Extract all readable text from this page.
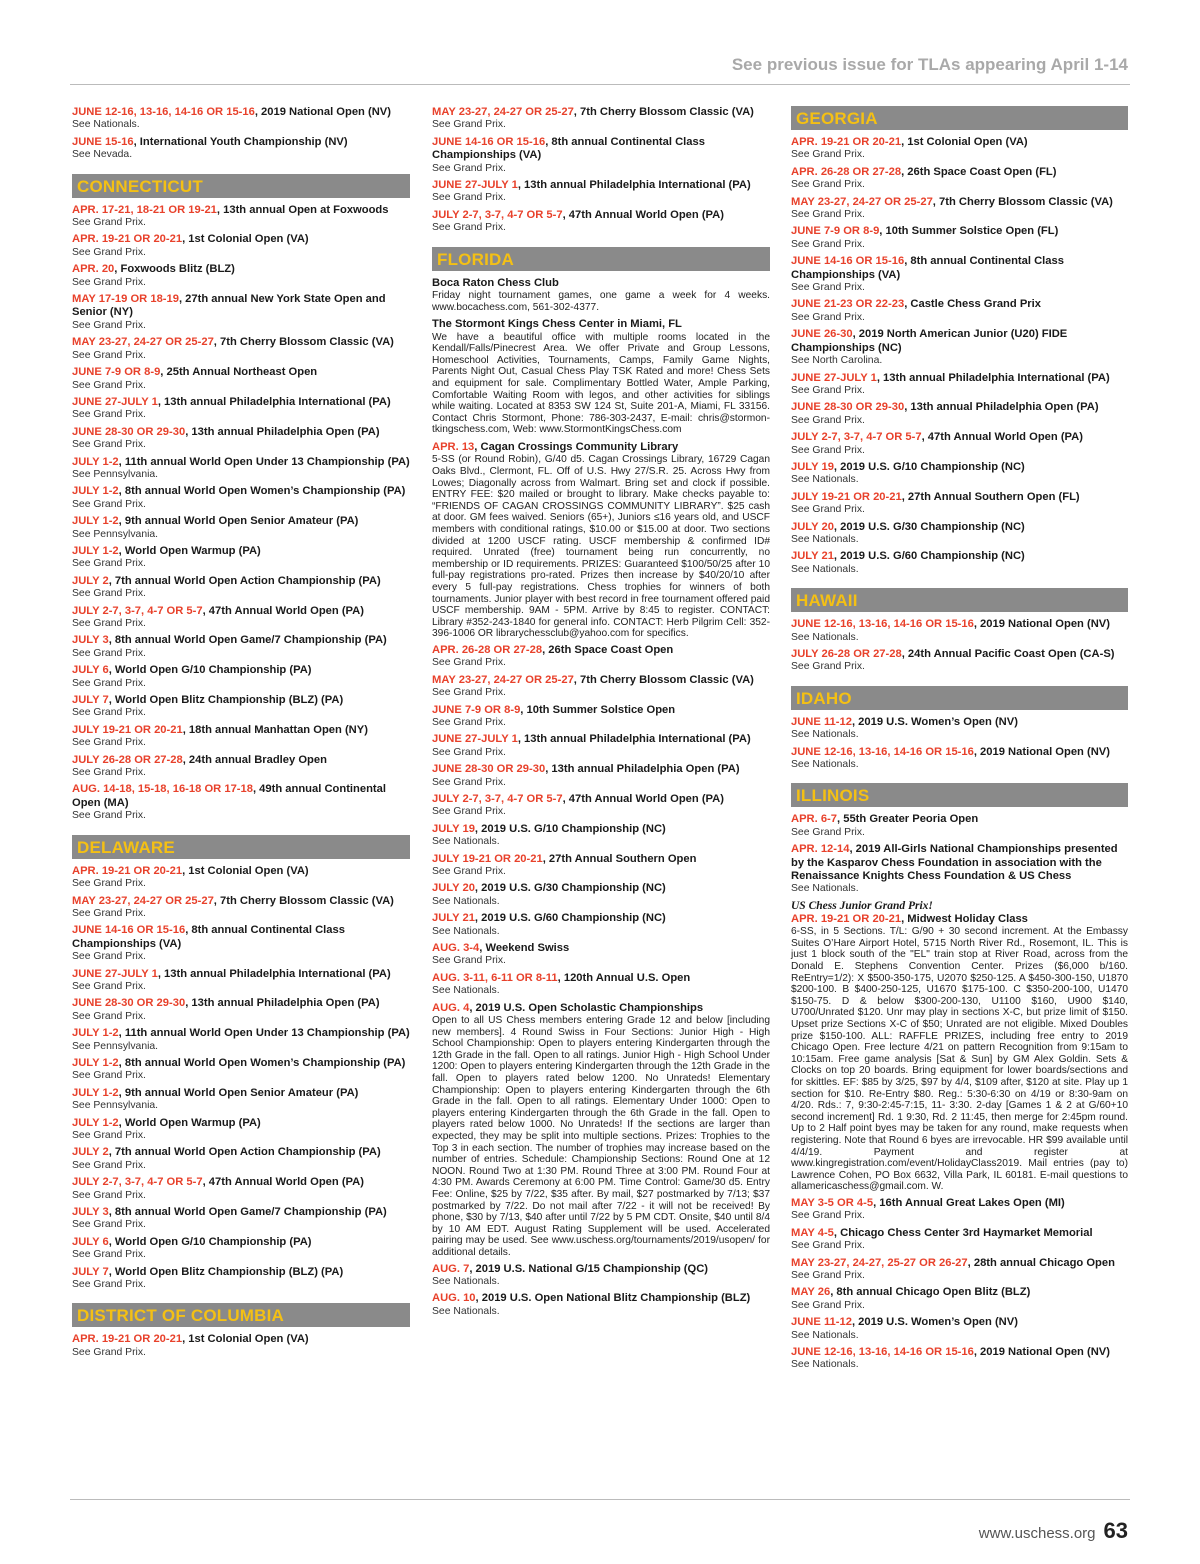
See previous issue for TLAs appearing April 1-14
JUNE 12-16, 13-16, 14-16 OR 15-16, 2019 National Open (NV)
See Nationals.
JUNE 15-16, International Youth Championship (NV)
See Nevada.
CONNECTICUT
APR. 17-21, 18-21 OR 19-21, 13th annual Open at Foxwoods
See Grand Prix.
APR. 19-21 OR 20-21, 1st Colonial Open (VA)
See Grand Prix.
APR. 20, Foxwoods Blitz (BLZ)
See Grand Prix.
MAY 17-19 OR 18-19, 27th annual New York State Open and Senior (NY)
See Grand Prix.
MAY 23-27, 24-27 OR 25-27, 7th Cherry Blossom Classic (VA)
See Grand Prix.
JUNE 7-9 OR 8-9, 25th Annual Northeast Open
See Grand Prix.
JUNE 27-JULY 1, 13th annual Philadelphia International (PA)
See Grand Prix.
JUNE 28-30 OR 29-30, 13th annual Philadelphia Open (PA)
See Grand Prix.
JULY 1-2, 11th annual World Open Under 13 Championship (PA)
See Pennsylvania.
JULY 1-2, 8th annual World Open Women’s Championship (PA)
See Grand Prix.
JULY 1-2, 9th annual World Open Senior Amateur (PA)
See Pennsylvania.
JULY 1-2, World Open Warmup (PA)
See Grand Prix.
JULY 2, 7th annual World Open Action Championship (PA)
See Grand Prix.
JULY 2-7, 3-7, 4-7 OR 5-7, 47th Annual World Open (PA)
See Grand Prix.
JULY 3, 8th annual World Open Game/7 Championship (PA)
See Grand Prix.
JULY 6, World Open G/10 Championship (PA)
See Grand Prix.
JULY 7, World Open Blitz Championship (BLZ) (PA)
See Grand Prix.
JULY 19-21 OR 20-21, 18th annual Manhattan Open (NY)
See Grand Prix.
JULY 26-28 OR 27-28, 24th annual Bradley Open
See Grand Prix.
AUG. 14-18, 15-18, 16-18 OR 17-18, 49th annual Continental Open (MA)
See Grand Prix.
DELAWARE
APR. 19-21 OR 20-21, 1st Colonial Open (VA)
See Grand Prix.
MAY 23-27, 24-27 OR 25-27, 7th Cherry Blossom Classic (VA)
See Grand Prix.
JUNE 14-16 OR 15-16, 8th annual Continental Class Championships (VA)
See Grand Prix.
JUNE 27-JULY 1, 13th annual Philadelphia International (PA)
See Grand Prix.
JUNE 28-30 OR 29-30, 13th annual Philadelphia Open (PA)
See Grand Prix.
JULY 1-2, 11th annual World Open Under 13 Championship (PA)
See Pennsylvania.
JULY 1-2, 8th annual World Open Women’s Championship (PA)
See Grand Prix.
JULY 1-2, 9th annual World Open Senior Amateur (PA)
See Pennsylvania.
JULY 1-2, World Open Warmup (PA)
See Grand Prix.
JULY 2, 7th annual World Open Action Championship (PA)
See Grand Prix.
JULY 2-7, 3-7, 4-7 OR 5-7, 47th Annual World Open (PA)
See Grand Prix.
JULY 3, 8th annual World Open Game/7 Championship (PA)
See Grand Prix.
JULY 6, World Open G/10 Championship (PA)
See Grand Prix.
JULY 7, World Open Blitz Championship (BLZ) (PA)
See Grand Prix.
DISTRICT OF COLUMBIA
APR. 19-21 OR 20-21, 1st Colonial Open (VA)
See Grand Prix.
MAY 23-27, 24-27 OR 25-27, 7th Cherry Blossom Classic (VA)
See Grand Prix.
JUNE 14-16 OR 15-16, 8th annual Continental Class Championships (VA)
See Grand Prix.
JUNE 27-JULY 1, 13th annual Philadelphia International (PA)
See Grand Prix.
JULY 2-7, 3-7, 4-7 OR 5-7, 47th Annual World Open (PA)
See Grand Prix.
FLORIDA
Boca Raton Chess Club
Friday night tournament games, one game a week for 4 weeks. www.bocachess.com, 561-302-4377.
The Stormont Kings Chess Center in Miami, FL
We have a beautiful office with multiple rooms located in the Kendall/Falls/Pinecrest Area. We offer Private and Group Lessons, Homeschool Activities, Tournaments, Camps, Family Game Nights, Parents Night Out, Casual Chess Play TSK Rated and more! Chess Sets and equipment for sale. Complimentary Bottled Water, Ample Parking, Comfortable Waiting Room with legos, and other activities for siblings while waiting. Located at 8353 SW 124 St, Suite 201-A, Miami, FL 33156. Contact Chris Stormont, Phone: 786-303-2437, E-mail: chris@stormon-tkingschess.com, Web: www.StormontKingsChess.com
APR. 13, Cagan Crossings Community Library
5-SS (or Round Robin), G/40 d5. Cagan Crossings Library, 16729 Cagan Oaks Blvd., Clermont, FL. Off of U.S. Hwy 27/S.R. 25. Across Hwy from Lowes; Diagonally across from Walmart. Bring set and clock if possible. ENTRY FEE: $20 mailed or brought to library. Make checks payable to: “FRIENDS OF CAGAN CROSSINGS COMMUNITY LIBRARY”. $25 cash at door. GM fees waived. Seniors (65+), Juniors ≤16 years old, and USCF members with conditional ratings, $10.00 or $15.00 at door. Two sections divided at 1200 USCF rating. USCF membership & confirmed ID# required. Unrated (free) tournament being run concurrently, no membership or ID requirements. PRIZES: Guaranteed $100/50/25 after 10 full-pay registrations pro-rated. Prizes then increase by $40/20/10 after every 5 full-pay registrations. Chess trophies for winners of both tournaments. Junior player with best record in free tournament offered paid USCF membership. 9AM - 5PM. Arrive by 8:45 to register. CONTACT: Library #352-243-1840 for general info. CONTACT: Herb Pilgrim Cell: 352-396-1006 OR librarychessclub@yahoo.com for specifics.
APR. 26-28 OR 27-28, 26th Space Coast Open
See Grand Prix.
MAY 23-27, 24-27 OR 25-27, 7th Cherry Blossom Classic (VA)
See Grand Prix.
JUNE 7-9 OR 8-9, 10th Summer Solstice Open
See Grand Prix.
JUNE 27-JULY 1, 13th annual Philadelphia International (PA)
See Grand Prix.
JUNE 28-30 OR 29-30, 13th annual Philadelphia Open (PA)
See Grand Prix.
JULY 2-7, 3-7, 4-7 OR 5-7, 47th Annual World Open (PA)
See Grand Prix.
JULY 19, 2019 U.S. G/10 Championship (NC)
See Nationals.
JULY 19-21 OR 20-21, 27th Annual Southern Open
See Grand Prix.
JULY 20, 2019 U.S. G/30 Championship (NC)
See Nationals.
JULY 21, 2019 U.S. G/60 Championship (NC)
See Nationals.
AUG. 3-4, Weekend Swiss
See Grand Prix.
AUG. 3-11, 6-11 OR 8-11, 120th Annual U.S. Open
See Nationals.
AUG. 4, 2019 U.S. Open Scholastic Championships
Open to all US Chess members entering Grade 12 and below [including new members]. 4 Round Swiss in Four Sections: Junior High - High School Championship: Open to players entering Kindergarten through the 12th Grade in the fall. Open to all ratings. Junior High - High School Under 1200: Open to players entering Kindergarten through the 12th Grade in the fall. Open to players rated below 1200. No Unrateds! Elementary Championship: Open to players entering Kindergarten through the 6th Grade in the fall. Open to all ratings. Elementary Under 1000: Open to players entering Kindergarten through the 6th Grade in the fall. Open to players rated below 1000. No Unrateds! If the sections are larger than expected, they may be split into multiple sections. Prizes: Trophies to the Top 3 in each section. The number of trophies may increase based on the number of entries. Schedule: Championship Sections: Round One at 12 NOON. Round Two at 1:30 PM. Round Three at 3:00 PM. Round Four at 4:30 PM. Awards Ceremony at 6:00 PM. Time Control: Game/30 d5. Entry Fee: Online, $25 by 7/22, $35 after. By mail, $27 postmarked by 7/13; $37 postmarked by 7/22. Do not mail after 7/22 - it will not be received! By phone, $30 by 7/13, $40 after until 7/22 by 5 PM CDT. Onsite, $40 until 8/4 by 10 AM EDT. August Rating Supplement will be used. Accelerated pairing may be used. See www.uschess.org/tournaments/2019/usopen/ for additional details.
AUG. 7, 2019 U.S. National G/15 Championship (QC)
See Nationals.
AUG. 10, 2019 U.S. Open National Blitz Championship (BLZ)
See Nationals.
GEORGIA
APR. 19-21 OR 20-21, 1st Colonial Open (VA)
See Grand Prix.
APR. 26-28 OR 27-28, 26th Space Coast Open (FL)
See Grand Prix.
MAY 23-27, 24-27 OR 25-27, 7th Cherry Blossom Classic (VA)
See Grand Prix.
JUNE 7-9 OR 8-9, 10th Summer Solstice Open (FL)
See Grand Prix.
JUNE 14-16 OR 15-16, 8th annual Continental Class Championships (VA)
See Grand Prix.
JUNE 21-23 OR 22-23, Castle Chess Grand Prix
See Grand Prix.
JUNE 26-30, 2019 North American Junior (U20) FIDE Championships (NC)
See North Carolina.
JUNE 27-JULY 1, 13th annual Philadelphia International (PA)
See Grand Prix.
JUNE 28-30 OR 29-30, 13th annual Philadelphia Open (PA)
See Grand Prix.
JULY 2-7, 3-7, 4-7 OR 5-7, 47th Annual World Open (PA)
See Grand Prix.
JULY 19, 2019 U.S. G/10 Championship (NC)
See Nationals.
JULY 19-21 OR 20-21, 27th Annual Southern Open (FL)
See Grand Prix.
JULY 20, 2019 U.S. G/30 Championship (NC)
See Nationals.
JULY 21, 2019 U.S. G/60 Championship (NC)
See Nationals.
HAWAII
JUNE 12-16, 13-16, 14-16 OR 15-16, 2019 National Open (NV)
See Nationals.
JULY 26-28 OR 27-28, 24th Annual Pacific Coast Open (CA-S)
See Grand Prix.
IDAHO
JUNE 11-12, 2019 U.S. Women’s Open (NV)
See Nationals.
JUNE 12-16, 13-16, 14-16 OR 15-16, 2019 National Open (NV)
See Nationals.
ILLINOIS
APR. 6-7, 55th Greater Peoria Open
See Grand Prix.
APR. 12-14, 2019 All-Girls National Championships presented by the Kasparov Chess Foundation in association with the Renaissance Knights Chess Foundation & US Chess
See Nationals.
US Chess Junior Grand Prix!
APR. 19-21 OR 20-21, Midwest Holiday Class
6-SS, in 5 Sections. T/L: G/90 + 30 second increment. At the Embassy Suites O’Hare Airport Hotel, 5715 North River Rd., Rosemont, IL. This is just 1 block south of the "EL" train stop at River Road, across from the Donald E. Stephens Convention Center. Prizes ($6,000 b/160. ReEntry=1/2): X $500-350-175, U2070 $250-125. A $450-300-150, U1870 $200-100. B $400-250-125, U1670 $175-100. C $350-200-100, U1470 $150-75. D & below $300-200-130, U1100 $160, U900 $140, U700/Unrated $120. Unr may play in sections X-C, but prize limit of $150. Upset prize Sections X-C of $50; Unrated are not eligible. Mixed Doubles prize $150-100. ALL: RAFFLE PRIZES, including free entry to 2019 Chicago Open. Free lecture 4/21 on pattern Recognition from 9:15am to 10:15am. Free game analysis [Sat & Sun] by GM Alex Goldin. Sets & Clocks on top 20 boards. Bring equipment for lower boards/sections and for skittles. EF: $85 by 3/25, $97 by 4/4, $109 after, $120 at site. Play up 1 section for $10. Re-Entry $80. Reg.: 5:30-6:30 on 4/19 or 8:30-9am on 4/20. Rds.: 7, 9:30-2:45-7:15, 11- 3:30. 2-day [Games 1 & 2 at G/60+10 second increment] Rd. 1 9:30, Rd. 2 11:45, then merge for 2:45pm round. Up to 2 Half point byes may be taken for any round, make requests when registering. Note that Round 6 byes are irrevocable. HR $99 available until 4/4/19. Payment and register at www.kingregistration.com/event/HolidayClass2019. Mail entries (pay to) Lawrence Cohen, PO Box 6632, Villa Park, IL 60181. E-mail questions to allamericaschess@gmail.com. W.
MAY 3-5 OR 4-5, 16th Annual Great Lakes Open (MI)
See Grand Prix.
MAY 4-5, Chicago Chess Center 3rd Haymarket Memorial
See Grand Prix.
MAY 23-27, 24-27, 25-27 OR 26-27, 28th annual Chicago Open
See Grand Prix.
MAY 26, 8th annual Chicago Open Blitz (BLZ)
See Grand Prix.
JUNE 11-12, 2019 U.S. Women’s Open (NV)
See Nationals.
JUNE 12-16, 13-16, 14-16 OR 15-16, 2019 National Open (NV)
See Nationals.
www.uschess.org 63
